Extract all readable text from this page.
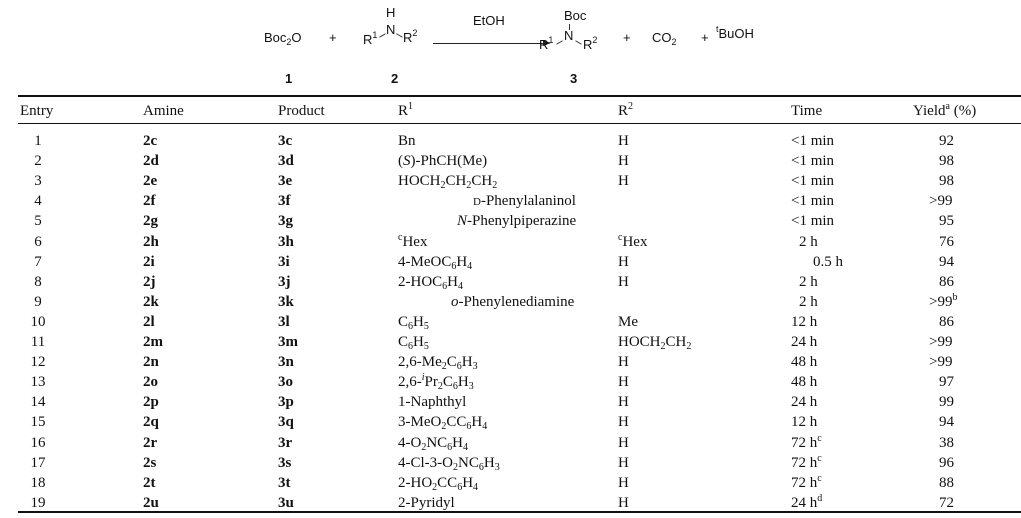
Boc$_2$O
1
+
H
$R^1$ N
$R^2$
2
EtOH	Boc
$R^1$ N
$R^2$
3
+ $CO_2$ +
$^t$BuOH
Entry	Amine	Product	$R^1$	$R^2$	Time	Yield$^a$ (%)
1	2c	3c	Bn	H	<1 min	92
2	2d	3d	(S)-PhCH(Me)	H	<1 min	98
3	2e	3e	$HOCH_2CH_2CH_2$	H	<1 min	98
4	2f	3f	d-Phenylalaninol	<1 min	>99
5	2g	3g	N-Phenylpiperazine	<1 min	95
6	2h	3h	$^c$Hex	$^c$Hex	2 h	76
7	2i	3i	$4-MeOC_6H_4$	H	0.5 h	94
8	2j	3j	$2-HOC_6H_4$	H	2 h	86
9	2k	3k	o-Phenylenediamine	2 h	$>99^b$
10	2l	3l	$C_6H_5$	Me	12 h	86
11	2m	3m	$C_6H_5$	$HOCH_2CH_2$	24 h	>99
12	2n	3n	$2,6-Me_2C_6H_3$	H	48 h	>99
13	2o	3o	$2,6-^iPr_2C_6H_3$	H	48 h	97
14	2p	3p	1-Naphthyl	H	24 h	99
15	2q	3q	$3-MeO_2CC_6H_4$	H	12 h	94
16	2r	3r	$4-O_2NC_6H_4$	H	72 $h^c$	38
17	2s	3s	$4-Cl-3-O_2NC_6H_3$	H	72 $h^c$	96
18	2t	3t	$2-HO_2CC_6H_4$	H	72 $h^c$	88
19	2u	3u	2-Pyridyl	H	24 $h^d$	72
